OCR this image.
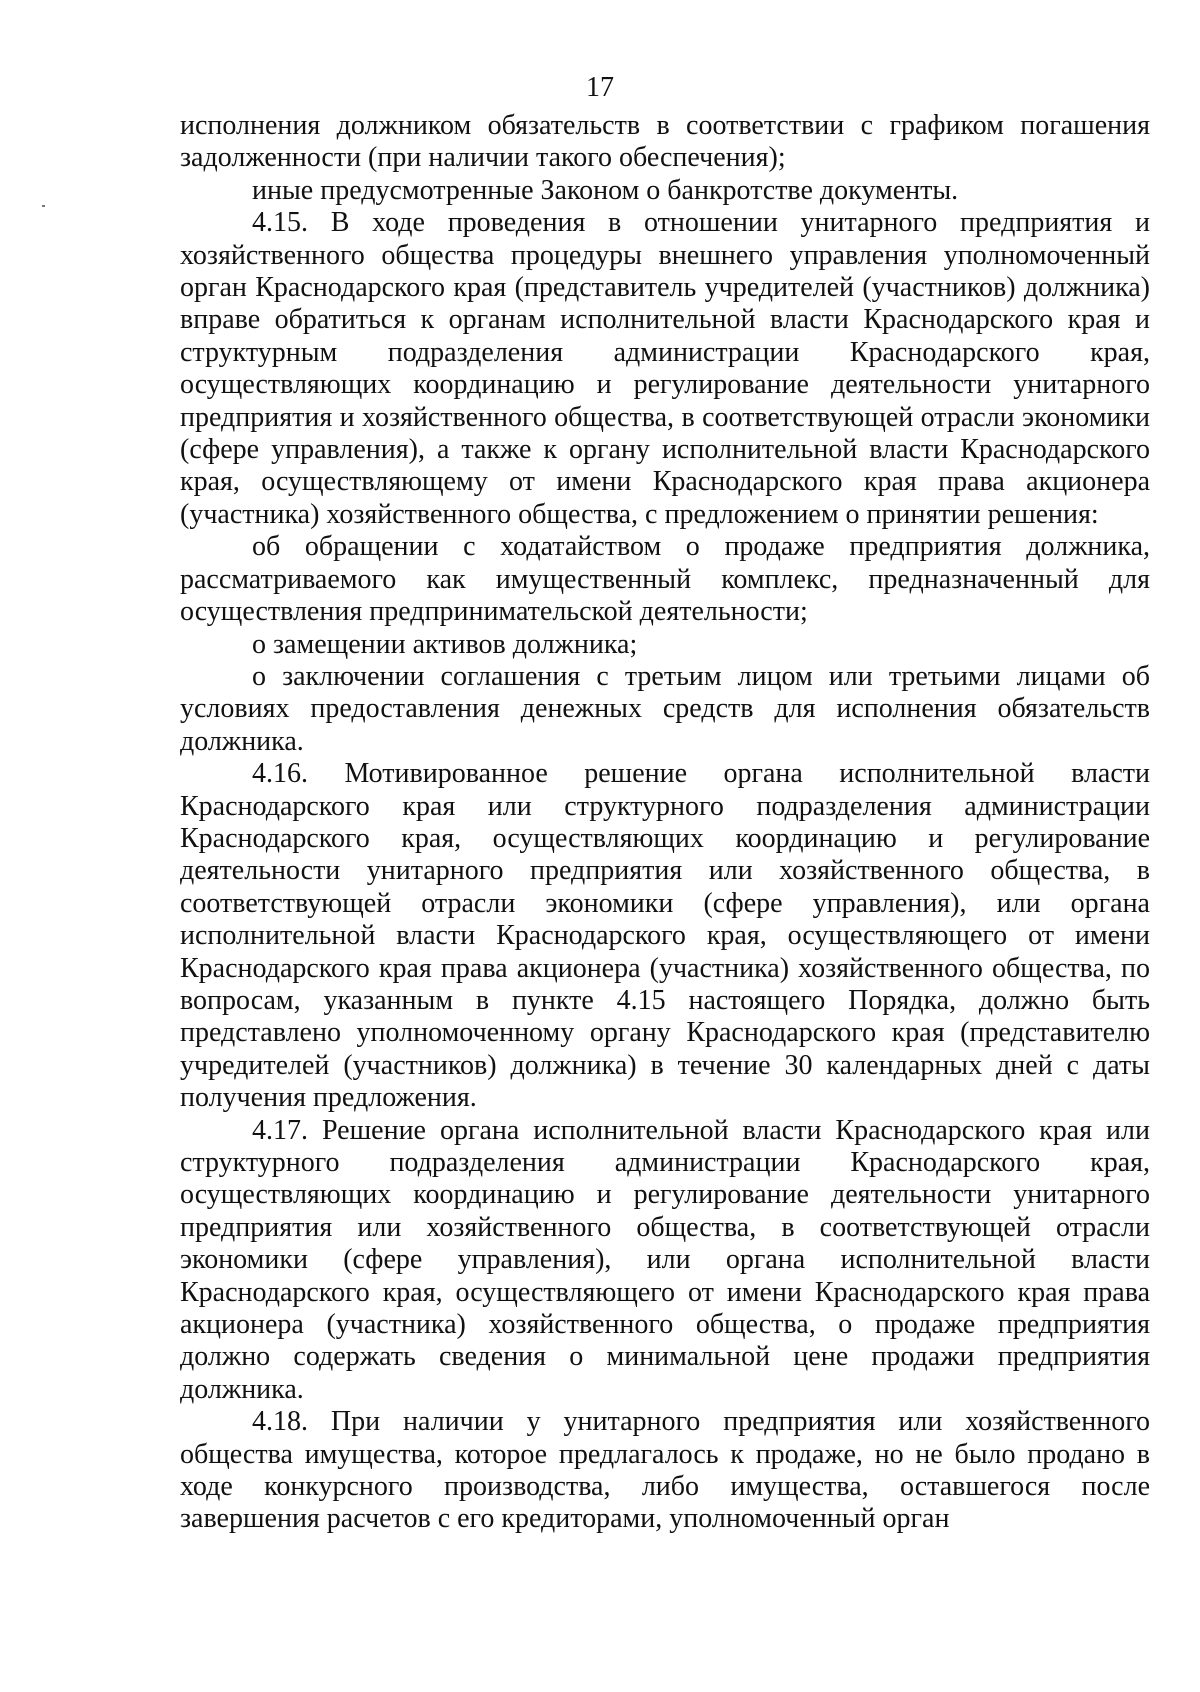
17

исполнения должником обязательств в соответствии с графиком погашения задолженности (при наличии такого обеспечения);

иные предусмотренные Законом о банкротстве документы.

4.15. В ходе проведения в отношении унитарного предприятия и хозяйственного общества процедуры внешнего управления уполномоченный орган Краснодарского края (представитель учредителей (участников) должника) вправе обратиться к органам исполнительной власти Краснодарского края и структурным подразделения администрации Краснодарского края, осуществляющих координацию и регулирование деятельности унитарного предприятия и хозяйственного общества, в соответствующей отрасли экономики (сфере управления), а также к органу исполнительной власти Краснодарского края, осуществляющему от имени Краснодарского края права акционера (участника) хозяйственного общества, с предложением о принятии решения:

об обращении с ходатайством о продаже предприятия должника, рассматриваемого как имущественный комплекс, предназначенный для осуществления предпринимательской деятельности;

о замещении активов должника;

о заключении соглашения с третьим лицом или третьими лицами об условиях предоставления денежных средств для исполнения обязательств должника.

4.16. Мотивированное решение органа исполнительной власти Краснодарского края или структурного подразделения администрации Краснодарского края, осуществляющих координацию и регулирование деятельности унитарного предприятия или хозяйственного общества, в соответствующей отрасли экономики (сфере управления), или органа исполнительной власти Краснодарского края, осуществляющего от имени Краснодарского края права акционера (участника) хозяйственного общества, по вопросам, указанным в пункте 4.15 настоящего Порядка, должно быть представлено уполномоченному органу Краснодарского края (представителю учредителей (участников) должника) в течение 30 календарных дней с даты получения предложения.

4.17. Решение органа исполнительной власти Краснодарского края или структурного подразделения администрации Краснодарского края, осуществляющих координацию и регулирование деятельности унитарного предприятия или хозяйственного общества, в соответствующей отрасли экономики (сфере управления), или органа исполнительной власти Краснодарского края, осуществляющего от имени Краснодарского края права акционера (участника) хозяйственного общества, о продаже предприятия должно содержать сведения о минимальной цене продажи предприятия должника.

4.18. При наличии у унитарного предприятия или хозяйственного общества имущества, которое предлагалось к продаже, но не было продано в ходе конкурсного производства, либо имущества, оставшегося после завершения расчетов с его кредиторами, уполномоченный орган
